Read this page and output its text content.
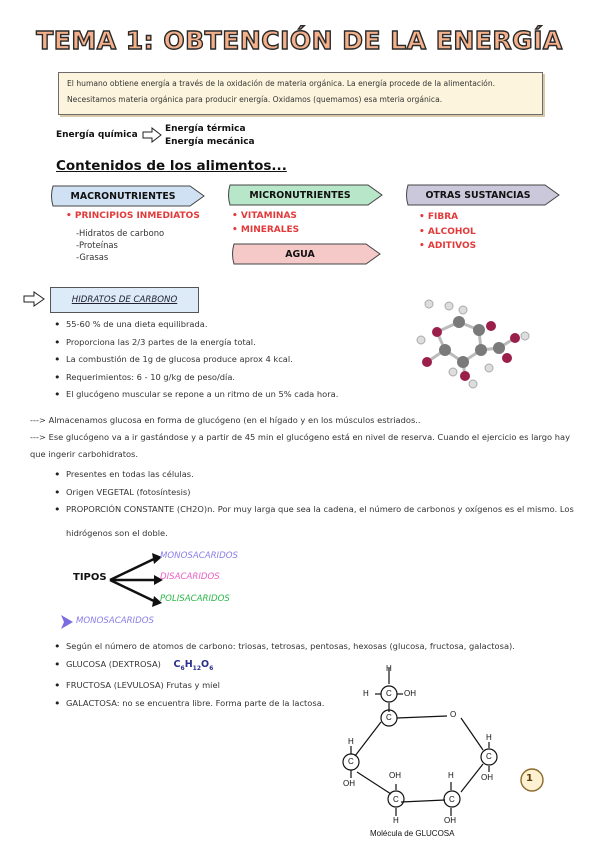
TEMA 1: OBTENCIÓN DE LA ENERGÍA
El humano obtiene energía a través de la oxidación de materia orgánica. La energía procede de la alimentación. Necesitamos materia orgánica para producir energía. Oxidamos (quemamos) esa mteria orgánica.
Energía química
Energía térmica
Energía mecánica
Contenidos de los alimentos...
MACRONUTRIENTES	MICRONUTRIENTES	OTRAS SUSTANCIAS
AGUA
• PRINCIPIOS INMEDIATOS
-Hidratos de carbono
-Proteínas
-Grasas
• VITAMINAS
• MINERALES
• FIBRA
• ALCOHOL
• ADITIVOS
HIDRATOS DE CARBONO
• 55-60 % de una dieta equilibrada.
• Proporciona las 2/3 partes de la energía total.
• La combustión de 1g de glucosa produce aprox 4 kcal.
• Requerimientos: 6 - 10 g/kg de peso/día.
• El glucógeno muscular se repone a un ritmo de un 5% cada hora.
---> Almacenamos glucosa en forma de glucógeno (en el hígado y en los músculos estriados..
---> Ese glucógeno va a ir gastándose y a partir de 45 min el glucógeno está en nivel de reserva. Cuando el ejercicio es largo hay
que ingerir carbohidratos.
• Presentes en todas las células.
• Origen VEGETAL (fotosíntesis)
• PROPORCIÓN CONSTANTE (CH2O)n. Por muy larga que sea la cadena, el número de carbonos y oxígenos es el mismo. Los
hidrógenos son el doble.
TIPOS
MONOSACARIDOS
DISACARIDOS
POLISACARIDOS
MONOSACARIDOS
• Según el número de atomos de carbono: triosas, tetrosas, pentosas, hexosas (glucosa, fructosa, galactosa).
• GLUCOSA (DEXTROSA) $C_6H_{12}O_6$
• FRUCTOSA (LEVULOSA) Frutas y miel
• GALACTOSA: no se encuentra libre. Forma parte de la lactosa.
H
H C OH
C	O
H
C
OH
H
C
OH
OH
C
H
H
C
OH
1
Molécula de GLUCOSA
